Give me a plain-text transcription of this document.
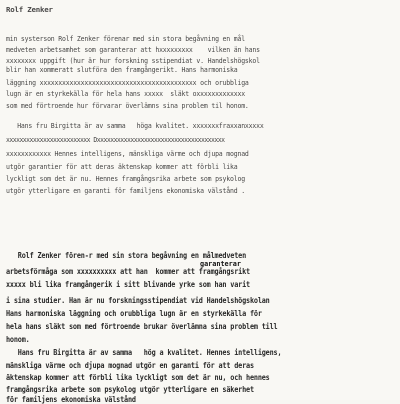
Rolf Zenker
min systerson Rolf Zenker förenar med sin stora begåvning en mål
medveten arbetsamhet som garanterar att hxxxxxxxxx    vilken än hans
xxxxxxxx uppgift (hur är hur forskning sstipendiat v. Handelshögskol
blir han xommeratt slutföra den framgångerikt. Hans harmoniska
läggning xxxxxxxxxxxxxxxxxxxxxxxxxxxxxxxxxxxxxxxxxx och orubbliga
lugn är en styrkekälla för hela hans xxxxx  släkt oxxxxxxxxxxxxx
som med förtroende hur förvarar överlämns sina problem til honom.
Hans fru Birgitta är av samma   höga kvalitet. xxxxxxxfraxxanxxxxx
xxxxxxxxxxxxxxxxxxxxxxxxx Dxxxxxxxxxxxxxxxxxxxxxxxxxxxxxxxxxxxxxx
xxxxxxxxxxxx Hennes intelligens, mänskliga värme och djupa mognad
utgör garantier för att deras äktenskap kommer att förbli lika
lyckligt som det är nu. Hennes framgångsrika arbete som psykolog
utgör ytterligare en garanti för familjens ekonomiska välstånd .
garanterar
Rolf Zenker fören-r med sin stora begåvning en målmedveten
arbetsförmåga som xxxxxxxxxx att han  kommer att framgångsrikt
xxxxx bli lika framgångerik i sitt blivande yrke som han varit
i sina studier. Han är nu forskningsstipendiat vid Handelshögskolan
Hans harmoniska läggning och orubbliga lugn är en styrkekälla för
hela hans släkt som med förtroende brukar överlämna sina problem till
honom.
Hans fru Birgitta är av samma   hög a kvalitet. Hennes intelligens,
mänskliga värme och djupa mognad utgör en garanti för att deras
äktenskap kommer att förbli lika lyckligt som det är nu, och hennes
framgångsrika arbete som psykolog utgör ytterligare en säkerhet
för familjens ekonomiska välstånd
